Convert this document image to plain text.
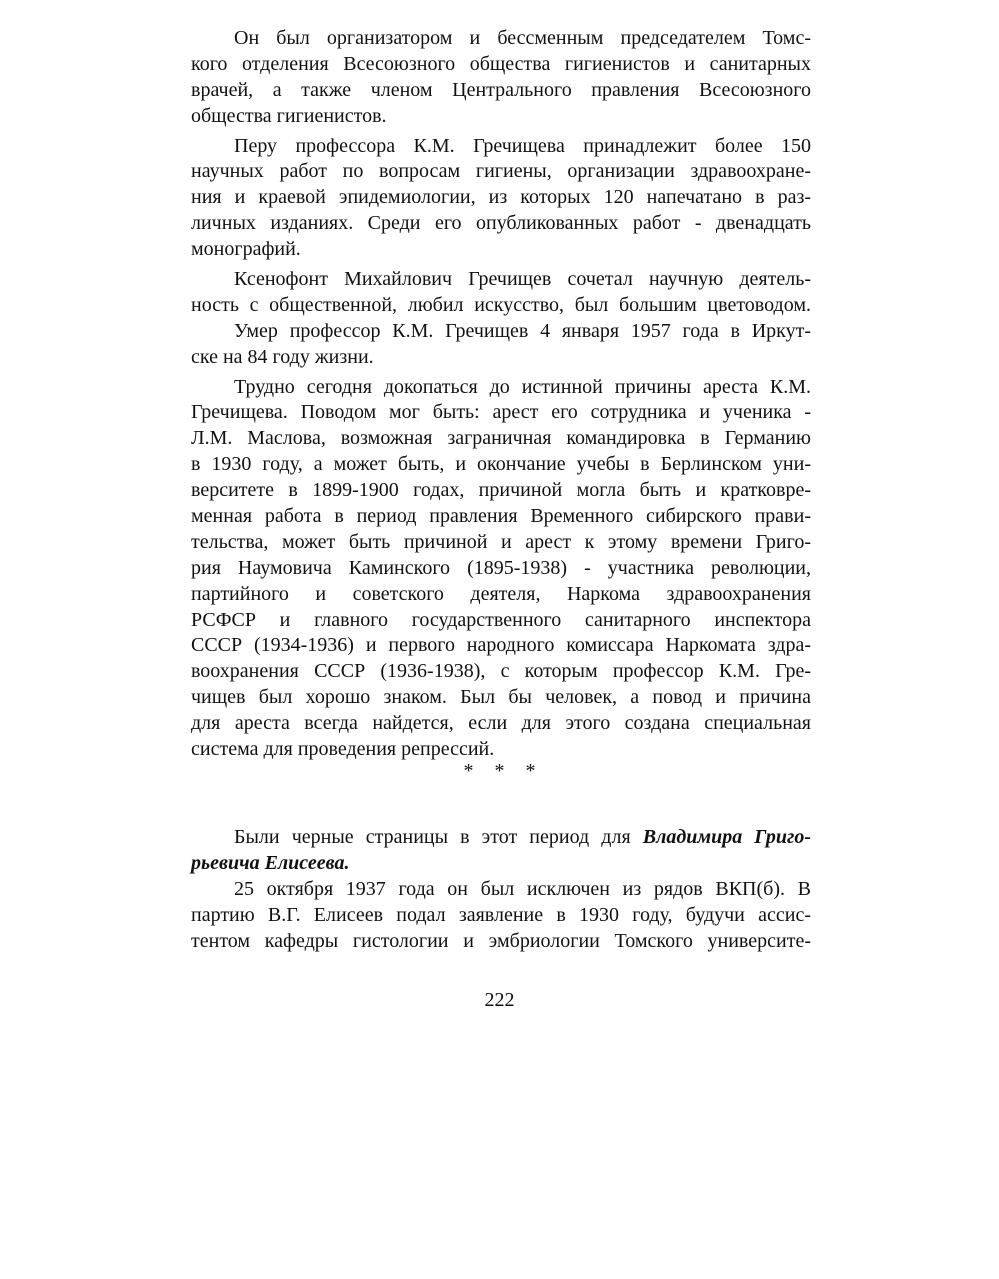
Он был организатором и бессменным председателем Томс-
кого отделения Всесоюзного общества гигиенистов и санитарных
врачей, а также членом Центрального правления Всесоюзного
общества гигиенистов.
Перу профессора К.М. Гречищева принадлежит более 150
научных работ по вопросам гигиены, организации здравоохране-
ния и краевой эпидемиологии, из которых 120 напечатано в раз-
личных изданиях. Среди его опубликованных работ - двенадцать
монографий.
Ксенофонт Михайлович Гречищев сочетал научную деятель-
ность с общественной, любил искусство, был большим цветоводом.
Умер профессор К.М. Гречищев 4 января 1957 года в Иркут-
ске на 84 году жизни.
Трудно сегодня докопаться до истинной причины ареста К.М.
Гречищева. Поводом мог быть: арест его сотрудника и ученика -
Л.М. Маслова, возможная заграничная командировка в Германию
в 1930 году, а может быть, и окончание учебы в Берлинском уни-
верситете в 1899-1900 годах, причиной могла быть и кратковре-
менная работа в период правления Временного сибирского прави-
тельства, может быть причиной и арест к этому времени Григо-
рия Наумовича Каминского (1895-1938) - участника революции,
партийного и советского деятеля, Наркома здравоохранения
РСФСР и главного государственного санитарного инспектора
СССР (1934-1936) и первого народного комиссара Наркомата здра-
воохранения СССР (1936-1938), с которым профессор К.М. Гре-
чищев был хорошо знаком. Был бы человек, а повод и причина
для ареста всегда найдется, если для этого создана специальная
система для проведения репрессий.
* * *
Были черные страницы в этот период для Владимира Григо-
рьевича Елисеева.
25 октября 1937 года он был исключен из рядов ВКП(б). В
партию В.Г. Елисеев подал заявление в 1930 году, будучи ассис-
тентом кафедры гистологии и эмбриологии Томского университе-
222
